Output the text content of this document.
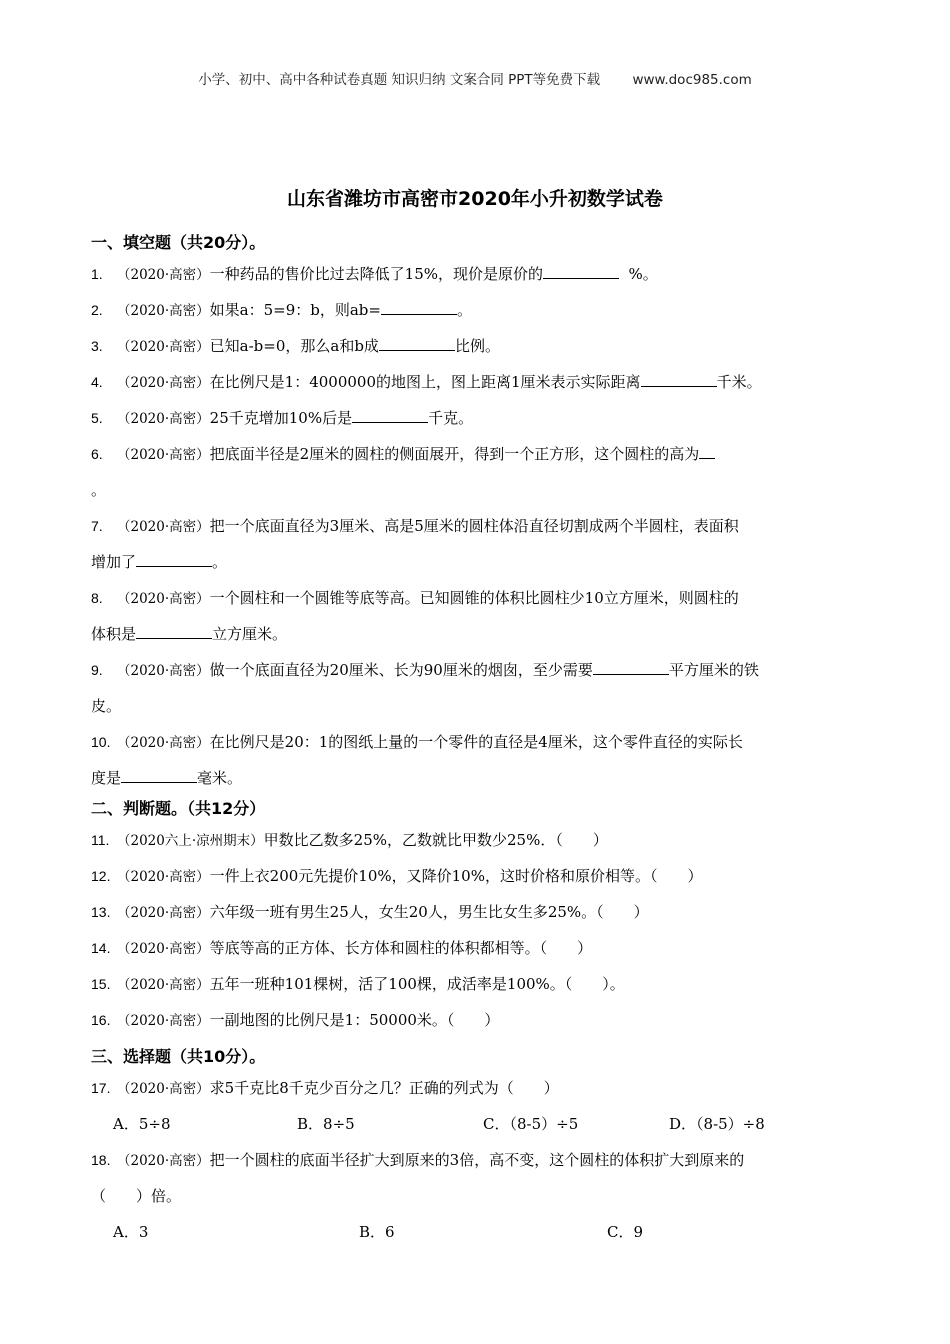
小学、初中、高中各种试卷真题 知识归纳 文案合同 PPT等免费下载 www.doc985.com
山东省潍坊市高密市2020年小升初数学试卷
一、填空题（共20分）。
1. （2020·高密）一种药品的售价比过去降低了15%，现价是原价的	%。
2. （2020·高密）如果a：5=9：b，则ab=	。
3. （2020·高密）已知a-b=0，那么a和b成	比例。
4. （2020·高密）在比例尺是1：4000000的地图上，图上距离1厘米表示实际距离	千米。
5. （2020·高密）25千克增加10%后是	千克。
6. （2020·高密）把底面半径是2厘米的圆柱的侧面展开，得到一个正方形，这个圆柱的高为
。
7. （2020·高密）把一个底面直径为3厘米、高是5厘米的圆柱体沿直径切割成两个半圆柱，表面积
增加了	。
8. （2020·高密）一个圆柱和一个圆锥等底等高。已知圆锥的体积比圆柱少10立方厘米，则圆柱的
体积是	立方厘米。
9. （2020·高密）做一个底面直径为20厘米、长为90厘米的烟囱，至少需要	平方厘米的铁
皮。
10. （2020·高密）在比例尺是20：1的图纸上量的一个零件的直径是4厘米，这个零件直径的实际长
度是	毫米。
二、判断题。（共12分）
11. （2020六上·凉州期末）甲数比乙数多25%，乙数就比甲数少25%．（　　）
12. （2020·高密）一件上衣200元先提价10%，又降价10%，这时价格和原价相等。（　　）
13. （2020·高密）六年级一班有男生25人，女生20人，男生比女生多25%。（　　）
14. （2020·高密）等底等高的正方体、长方体和圆柱的体积都相等。（　　）
15. （2020·高密）五年一班种101棵树，活了100棵，成活率是100%。（　　）。
16. （2020·高密）一副地图的比例尺是1：50000米。（　　）
三、选择题（共10分）。
17. （2020·高密）求5千克比8千克少百分之几？正确的列式为（　　）
A．5÷8	B．8÷5	C．（8-5）÷5	D．（8-5）÷8
18. （2020·高密）把一个圆柱的底面半径扩大到原来的3倍，高不变，这个圆柱的体积扩大到原来的
（　　）倍。
A．3	B．6	C．9
